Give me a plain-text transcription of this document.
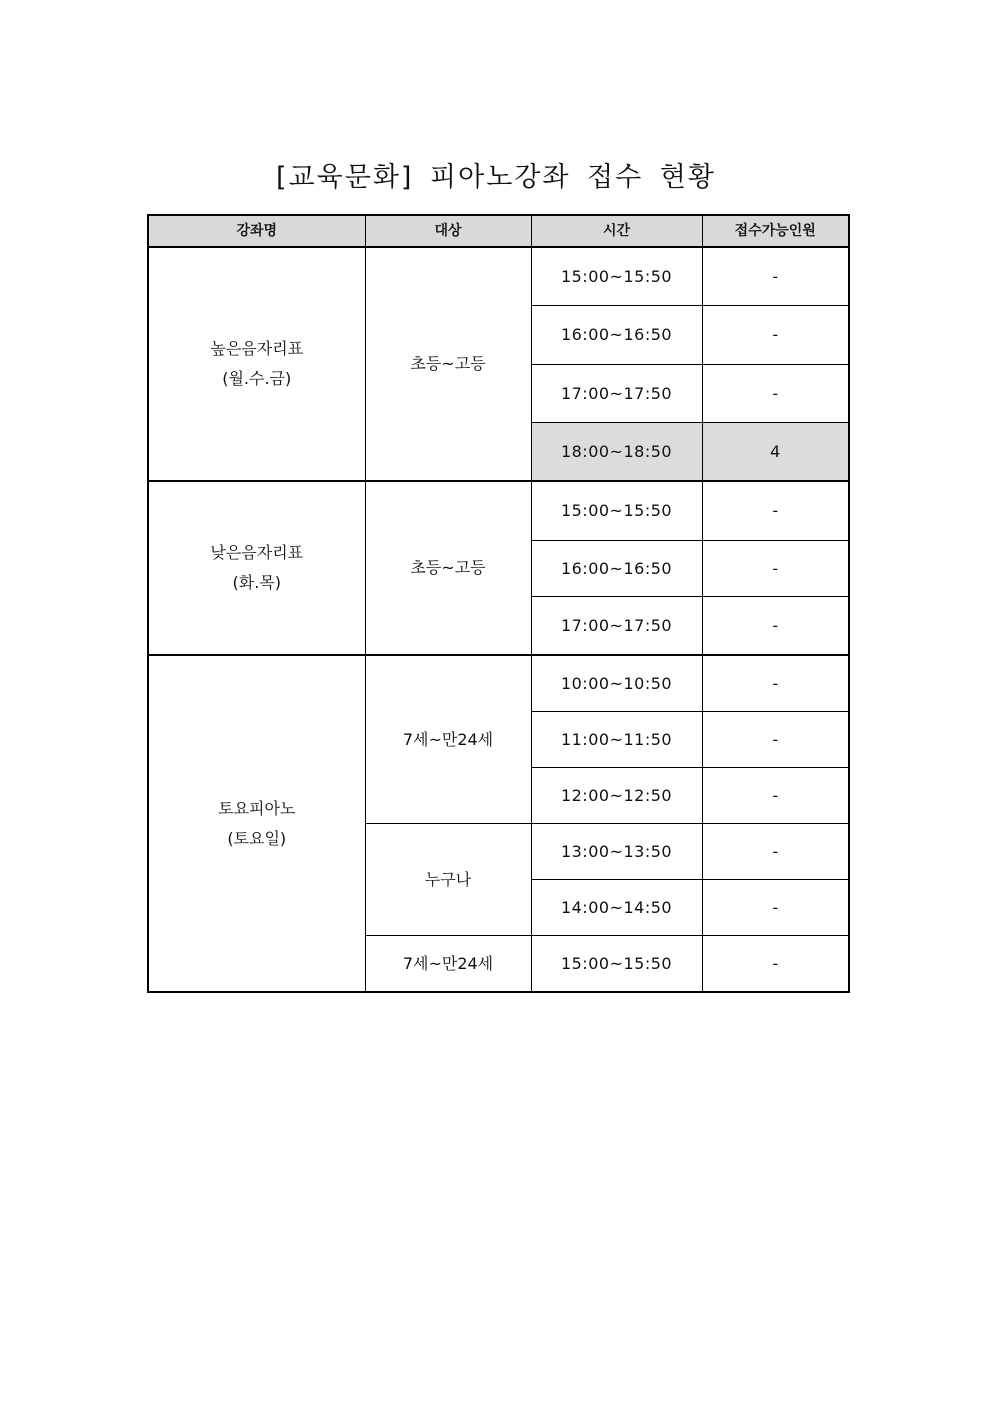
[교육문화] 피아노강좌 접수 현황
강좌명	대상	시간	접수가능인원

높은음자리표
(월.수.금)	초등~고등	15:00~15:50	-
		16:00~16:50	-
		17:00~17:50	-
		18:00~18:50	4

낮은음자리표
(화.목)	초등~고등	15:00~15:50	-
		16:00~16:50	-
		17:00~17:50	-

토요피아노
(토요일)	7세~만24세	10:00~10:50	-
		11:00~11:50	-
		12:00~12:50	-
	누구나	13:00~13:50	-
		14:00~14:50	-
	7세~만24세	15:00~15:50	-
